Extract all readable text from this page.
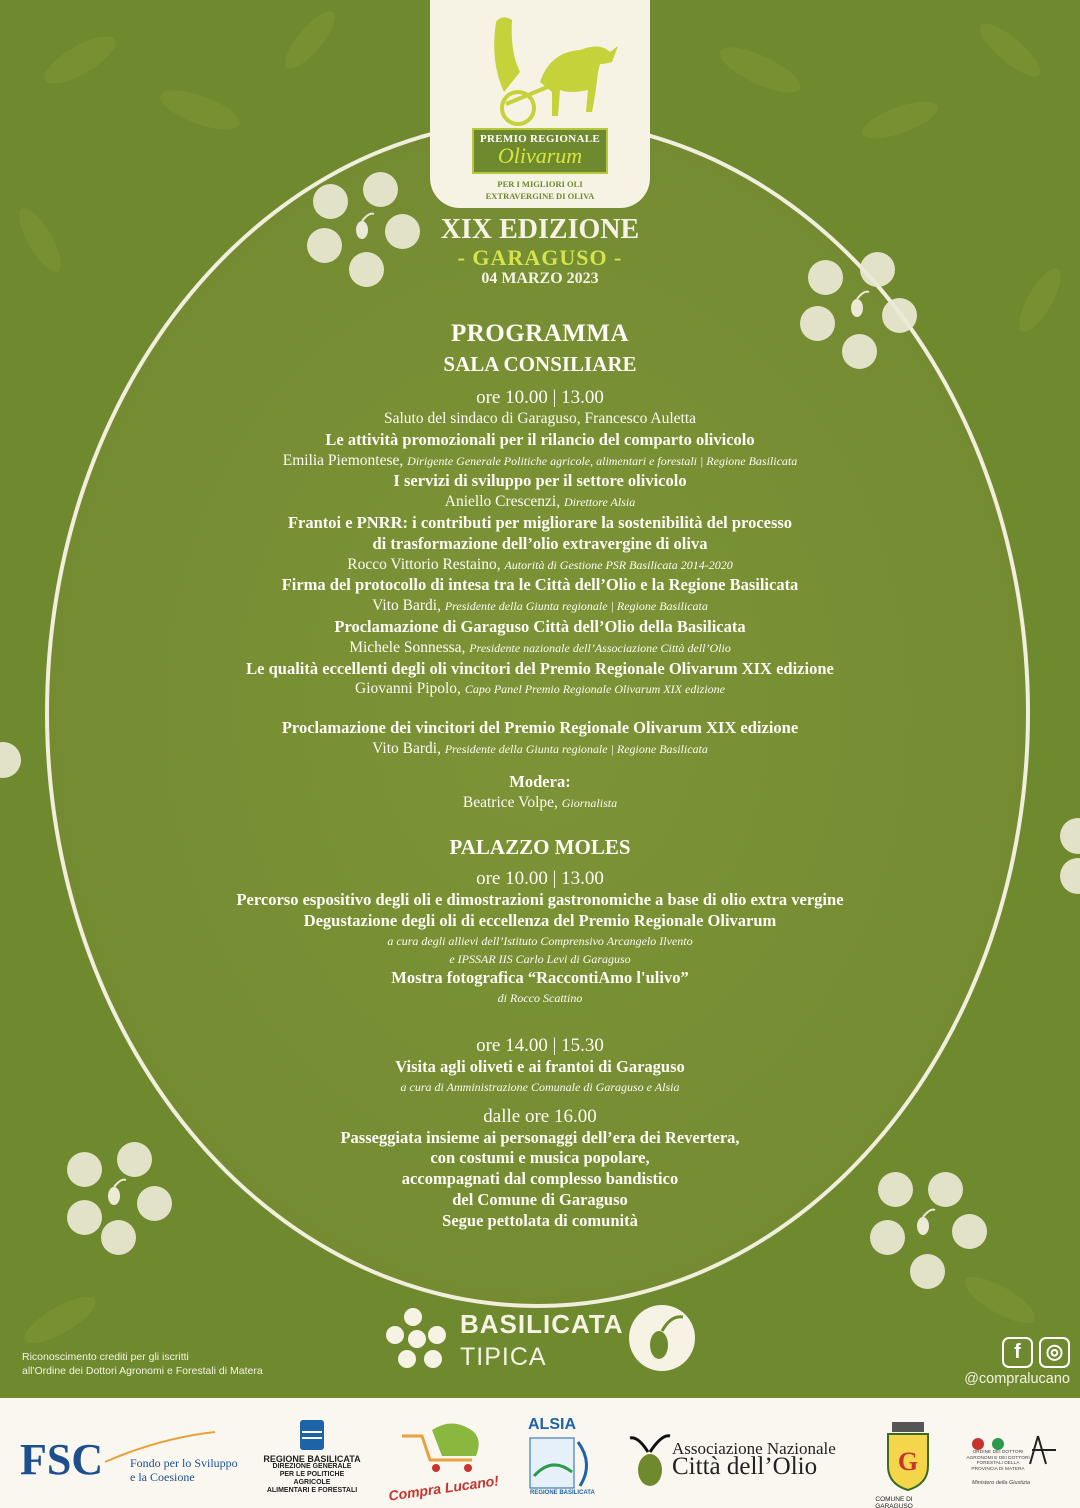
PREMIO REGIONALE
Olivarum
PER I MIGLIORI OLI
EXTRAVERGINE DI OLIVA
XIX EDIZIONE
- GARAGUSO -
04 MARZO 2023
PROGRAMMA
SALA CONSILIARE
ore 10.00 | 13.00
Saluto del sindaco di Garaguso, Francesco Auletta
Le attività promozionali per il rilancio del comparto olivicolo
Emilia Piemontese, Dirigente Generale Politiche agricole, alimentari e forestali | Regione Basilicata
I servizi di sviluppo per il settore olivicolo
Aniello Crescenzi, Direttore Alsia
Frantoi e PNRR: i contributi per migliorare la sostenibilità del processo
di trasformazione dell’olio extravergine di oliva
Rocco Vittorio Restaino, Autorità di Gestione PSR Basilicata 2014-2020
Firma del protocollo di intesa tra le Città dell’Olio e la Regione Basilicata
Vito Bardi, Presidente della Giunta regionale | Regione Basilicata
Proclamazione di Garaguso Città dell’Olio della Basilicata
Michele Sonnessa, Presidente nazionale dell’Associazione Città dell’Olio
Le qualità eccellenti degli oli vincitori del Premio Regionale Olivarum XIX edizione
Giovanni Pipolo, Capo Panel Premio Regionale Olivarum XIX edizione
Proclamazione dei vincitori del Premio Regionale Olivarum XIX edizione
Vito Bardi, Presidente della Giunta regionale | Regione Basilicata
Modera:
Beatrice Volpe, Giornalista
PALAZZO MOLES
ore 10.00 | 13.00
Percorso espositivo degli oli e dimostrazioni gastronomiche a base di olio extra vergine
Degustazione degli oli di eccellenza del Premio Regionale Olivarum
a cura degli allievi dell’Istituto Comprensivo Arcangelo Ilvento
e IPSSAR IIS Carlo Levi di Garaguso
Mostra fotografica “RaccontiAmo l'ulivo”
di Rocco Scattino
ore 14.00 | 15.30
Visita agli oliveti e ai frantoi di Garaguso
a cura di Amministrazione Comunale di Garaguso e Alsia
dalle ore 16.00
Passeggiata insieme ai personaggi dell’era dei Revertera,
con costumi e musica popolare,
accompagnati dal complesso bandistico
del Comune di Garaguso
Segue pettolata di comunità
BASILICATA
TIPICA
Riconoscimento crediti per gli iscritti
all'Ordine dei Dottori Agronomi e Forestali di Matera
f ◎
@compralucano
FSC Fondo per lo Sviluppo
e la Coesione
REGIONE BASILICATA
DIREZIONE GENERALE
PER LE POLITICHE AGRICOLE
ALIMENTARI E FORESTALI	Compra Lucano!
ALSIA
REGIONE BASILICATA
Associazione Nazionale
Città dell’Olio	G
COMUNE DI GARAGUSO
ORDINE DEI DOTTORI AGRONOMI E DEI DOTTORI FORESTALI DELLA PROVINCIA DI MATERA
Ministero della Giustizia
